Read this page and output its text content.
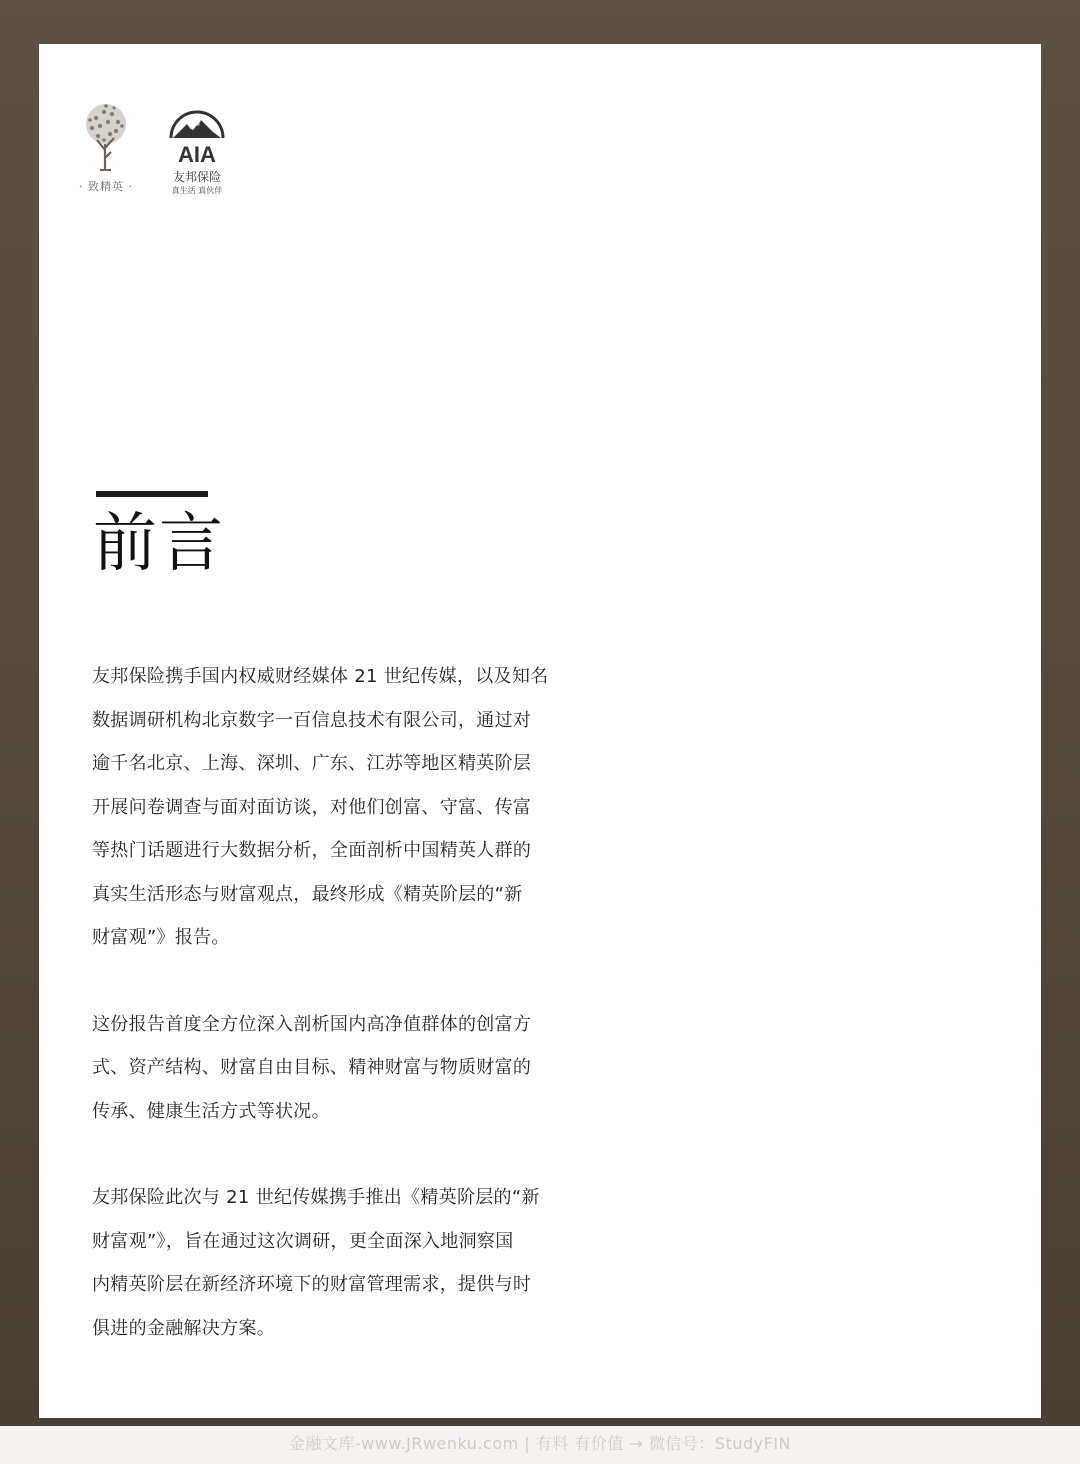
· 致精英 ·
AIA
友邦保险
真生活 真伙伴
前言

友邦保险携手国内权威财经媒体 21 世纪传媒，以及知名
数据调研机构北京数字一百信息技术有限公司，通过对
逾千名北京、上海、深圳、广东、江苏等地区精英阶层
开展问卷调查与面对面访谈，对他们创富、守富、传富
等热门话题进行大数据分析，全面剖析中国精英人群的
真实生活形态与财富观点，最终形成《精英阶层的“新
财富观”》报告。

这份报告首度全方位深入剖析国内高净值群体的创富方
式、资产结构、财富自由目标、精神财富与物质财富的
传承、健康生活方式等状况。

友邦保险此次与 21 世纪传媒携手推出《精英阶层的“新
财富观”》，旨在通过这次调研，更全面深入地洞察国
内精英阶层在新经济环境下的财富管理需求，提供与时
俱进的金融解决方案。

金融文库-www.JRwenku.com | 有料 有价值 → 微信号：StudyFIN
